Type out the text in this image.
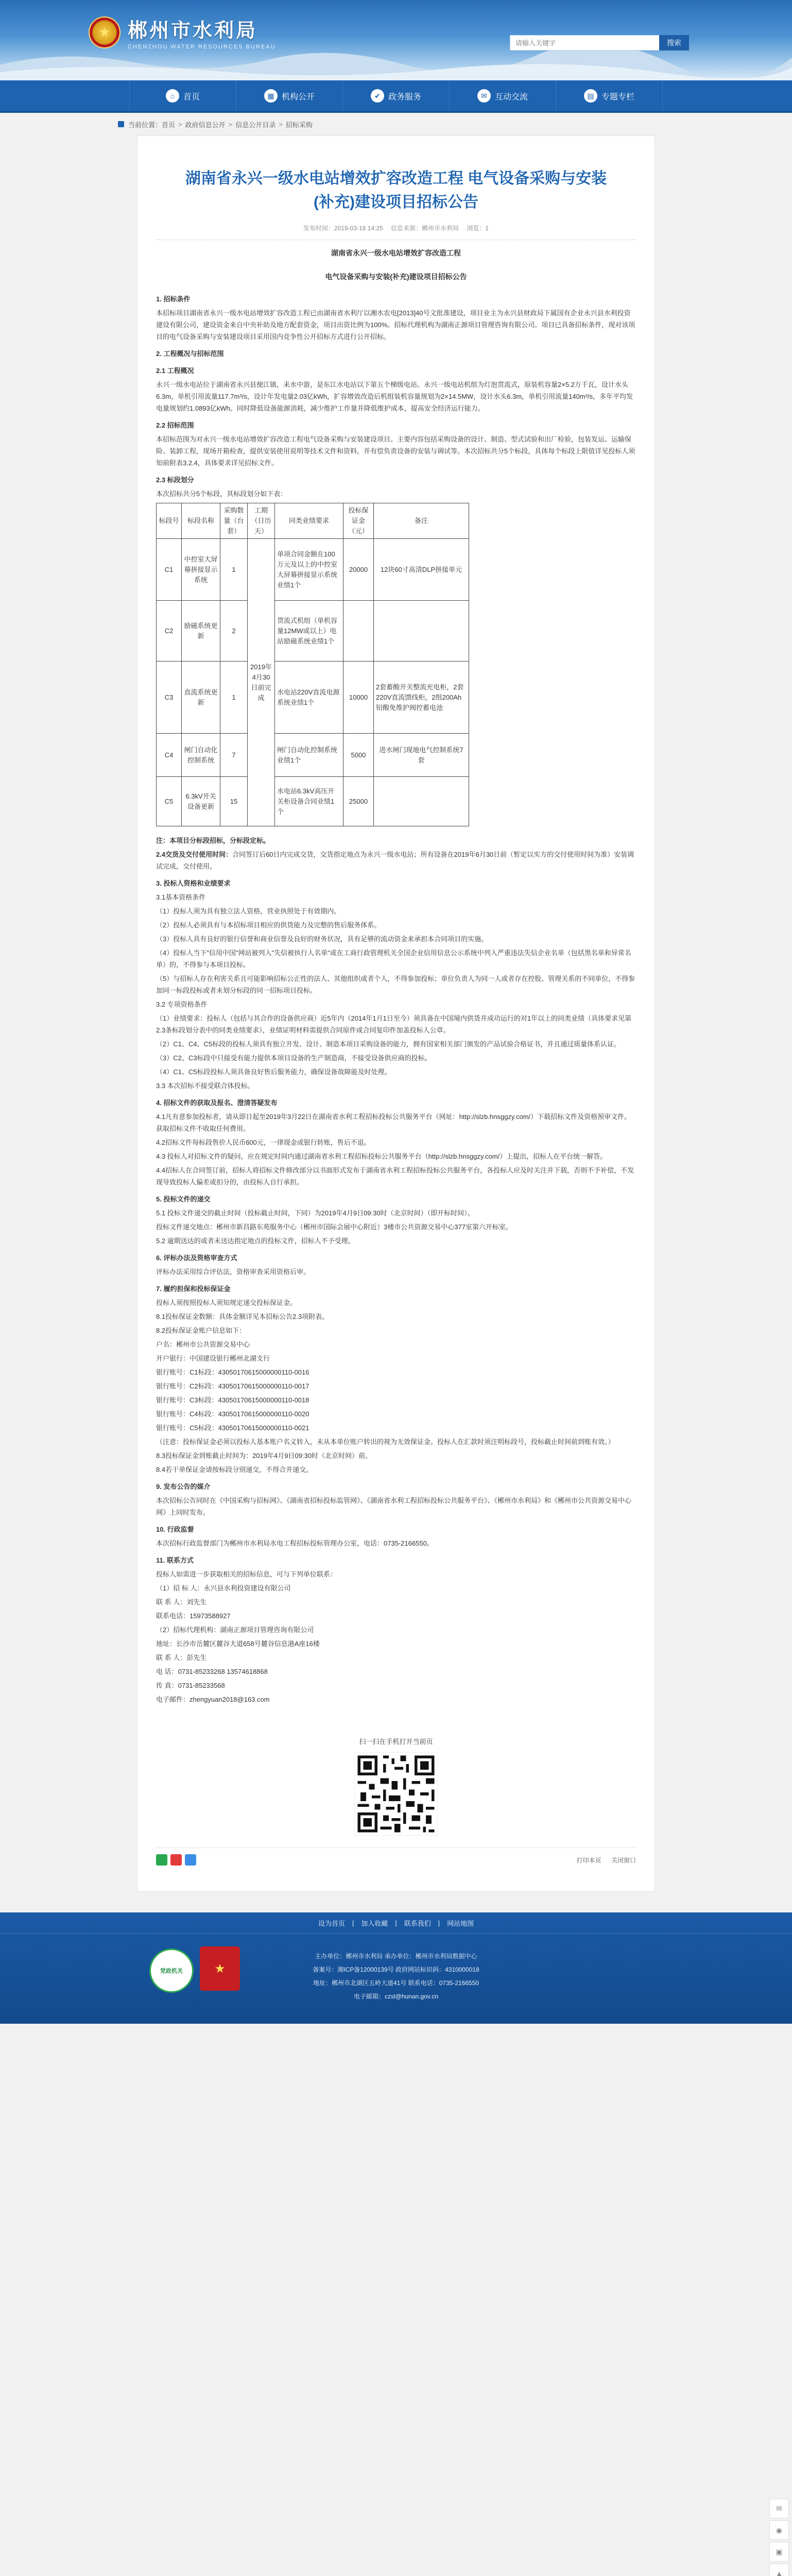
★ 郴州市水利局
CHENZHOU WATER RESOURCES BUREAU
请输入关键字	搜索
⌂	首页	▦ 机构公开	✔ 政务服务	✉ 互动交流	▤ 专题专栏
当前位置： 首页 > 政府信息公开 > 信息公开目录 > 招标采购
湖南省永兴一级水电站增效扩容改造工程 电气设备采购与安装(补充)建设项目招标公告
发布时间：2019-03-18 14:25 信息来源：郴州市水利局 浏览：1

湖南省永兴一级水电站增效扩容改造工程

电气设备采购与安装(补充)建设项目招标公告

1. 招标条件

本招标项目湖南省永兴一级水电站增效扩容改造工程已由湖南省水利厅以湘水农电[2013]40号文批准建设，项目业主为永兴县财政局下属国有企业永兴县水利投资建设有限公司，建设资金来自中央补助及地方配套资金，项目出资比例为100%。招标代理机构为湖南正源项目管理咨询有限公司。项目已具备招标条件，现对该项目的电气设备采购与安装建设项目采用国内竞争性公开招标方式进行公开招标。

2. 工程概况与招标范围

2.1 工程概况

永兴一级水电站位于湖南省永兴县便江镇，耒水中游，是东江水电站以下第五个梯级电站。永兴一级电站机组为灯泡贯流式，原装机容量2×5.2万千瓦，设计水头6.3m，单机引用流量117.7m³/s，设计年发电量2.03亿kWh，扩容增效改造后机组装机容量规划为2×14.5MW，设计水头6.3m，单机引用流量140m³/s，多年平均发电量规划约1.0893亿kWh。同时降低设备能源消耗，减少维护工作量并降低维护成本，提高安全经济运行能力。

2.2 招标范围

本招标范围为对永兴一级水电站增效扩容改造工程电气设备采购与安装建设项目。主要内容包括采购设备的设计、制造、型式试验和出厂检验，包装发运、运输保险、装卸工程，现场开箱检查，提供安装使用说明等技术文件和资料，并有偿负责设备的安装与调试等。本次招标共分5个标段，具体每个标段上限值详见投标人须知前附表3.2.4，具体要求详见招标文件。

2.3 标段划分

本次招标共分5个标段，其标段划分如下表：

标段号	标段名称	采购数量（台套）	工期（日历天）	同类业绩要求	投标保证金（元）	备注
C1	中控室大屏幕拼接显示系统	1	2019年4月30日前完成	单项合同金额在100万元及以上的中控室大屏幕拼接显示系统业绩1个	20000	12块60寸高清DLP拼接单元
C2	励磁系统更新	2		贯流式机组（单机容量12MW或以上）电站励磁系统业绩1个		
C3	直流系统更新	1		水电站220V直流电源系统业绩1个	10000	2套蓄酸开关整流充电柜，2套220V直流馈线柜，2组200Ah铅酸免维护阀控蓄电池
C4	闸门自动化控制系统	7		闸门自动化控制系统业绩1个	5000	进水闸门现地电气控制系统7套
C5	6.3kV开关设备更新	15		水电站6.3kV高压开关柜设备合同业绩1个	25000	

注：本项目分标段招标，分标段定标。

2.4交货及交付使用时间：合同签订后60日内完成交货，交货指定地点为永兴一级水电站；所有设备在2019年6月30日前（暂定以实方的交付使用时间为准）安装调试完成，交付使用。

3. 投标人资格和业绩要求

3.1基本资格条件

（1）投标人须为具有独立法人资格，营业执照处于有效期内。

（2）投标人必须具有与本招标项目相应的供货能力及完整的售后服务体系。

（3）投标人具有良好的银行信誉和商业信誉及良好的财务状况，具有足够的流动资金来承担本合同项目的实施。

（4）投标人当下"信用中国"网站被列入"失信被执行人名单"或在工商行政管理机关全国企业信用信息公示系统中列入严重违法失信企业名单（包括黑名单和异常名单）的，不得参与本项目投标。

（5）与招标人存在利害关系且可能影响招标公正性的法人、其他组织或者个人，不得参加投标；单位负责人为同一人或者存在控股、管理关系的不同单位，不得参加同一标段投标或者未划分标段的同一招标项目投标。

3.2 专项资格条件

（1）业绩要求：投标人（包括与其合作的设备供应商）近5年内（2014年1月1日至今）须具备在中国境内供货并成功运行的对1年以上的同类业绩（具体要求见第2.3条标段划分表中的同类业绩要求），业绩证明材料需提供合同原件或合同复印件加盖投标人公章。

（2）C1、C4、C5标段的投标人须具有独立开发、设计、制造本项目采购设备的能力，拥有国家相关部门颁发的产品试验合格证书，并且通过质量体系认证。

（3）C2、C3标段中只接受有能力提供本项目设备的生产制造商，不接受设备供应商的投标。

（4）C1、C5标段投标人须具备良好售后服务能力，确保设备故障能及时处理。

3.3 本次招标不接受联合体投标。

4. 招标文件的获取及报名、澄清答疑发布

4.1凡有意参加投标者，请从即日起至2019年3月22日在湖南省水利工程招标投标公共服务平台（网址：http://slzb.hnsggzy.com/）下载招标文件及资格预审文件。获取招标文件不收取任何费用。

4.2招标文件每标段售价人民币600元，一律现金或银行转账，售后不退。

4.3 投标人对招标文件的疑问，应在规定时间内通过湖南省水利工程招标投标公共服务平台（http://slzb.hnsggzy.com/）上提出，招标人在平台统一解答。

4.4招标人在合同签订前，招标人将招标文件修改部分以书面形式发布于湖南省水利工程招标投标公共服务平台，各投标人应及时关注并下载，否则不予补偿，不发现导致投标人偏差或扣分的，由投标人自行承担。

5. 投标文件的递交

5.1 投标文件递交的截止时间（投标截止时间，下同）为2019年4月9日09:30时（北京时间）（即开标时间）。

投标文件递交地点：郴州市新昌路东苑服务中心（郴州市国际会展中心附近）3楼市公共资源交易中心377室第六开标室。

5.2 逾期送达的或者未送达指定地点的投标文件，招标人不予受理。

6. 评标办法及资格审查方式

评标办法采用综合评估法，资格审查采用资格后审。

7. 履约担保和投标保证金

投标人须按照投标人须知规定递交投标保证金。

8.1投标保证金数额：具体金额详见本招标公告2.3项附表。

8.2投标保证金账户信息如下：

户名：郴州市公共资源交易中心

开户银行：中国建设银行郴州北湖支行

银行账号：C1标段：43050170615000000110-0016

银行账号：C2标段：43050170615000000110-0017

银行账号：C3标段：43050170615000000110-0018

银行账号：C4标段：43050170615000000110-0020

银行账号：C5标段：43050170615000000110-0021

（注意：投标保证金必须以投标人基本账户名义转入，未从本单位账户转出的视为无效保证金。投标人在汇款时须注明标段号，投标截止时间前到账有效。）

8.3投标保证金到账截止时间为：2019年4月9日09:30时（北京时间）前。

8.4若干单保证金请按标段分别递交，不得合并递交。

9. 发布公告的媒介

本次招标公告同时在《中国采购与招标网》、《湖南省招标投标监管网》、《湖南省水利工程招标投标公共服务平台》、《郴州市水利局》和《郴州市公共资源交易中心网》上同时发布。

10. 行政监督

本次招标行政监督部门为郴州市水利局水电工程招标投标管理办公室，电话：0735-2166550。

11. 联系方式

投标人如需进一步获取相关的招标信息，可与下列单位联系：

（1）招 标 人：永兴县水利投资建设有限公司

联 系 人：刘先生

联系电话：15973588927

（2）招标代理机构：湖南正源项目管理咨询有限公司

地址：长沙市岳麓区麓谷大道658号麓谷信息港A座16楼

联 系 人：彭先生

电 话：0731-85233268 13574618868

传 真：0731-85233568

电子邮件：zhengyuan2018@163.com

扫一扫在手机打开当前页
打印本页 关闭窗口
设为首页 | 加入收藏 | 联系我们 | 网站地图
党政机关	★
主办单位：郴州市水利局 承办单位：郴州市水利局数据中心
备案号：湘ICP备12000139号 政府网站标识码：4310000018
地址：郴州市北湖区五岭大道41号 联系电话：0735-2166550
电子邮箱：czsl@hunan.gov.cn
✉
◉
▣
▲
